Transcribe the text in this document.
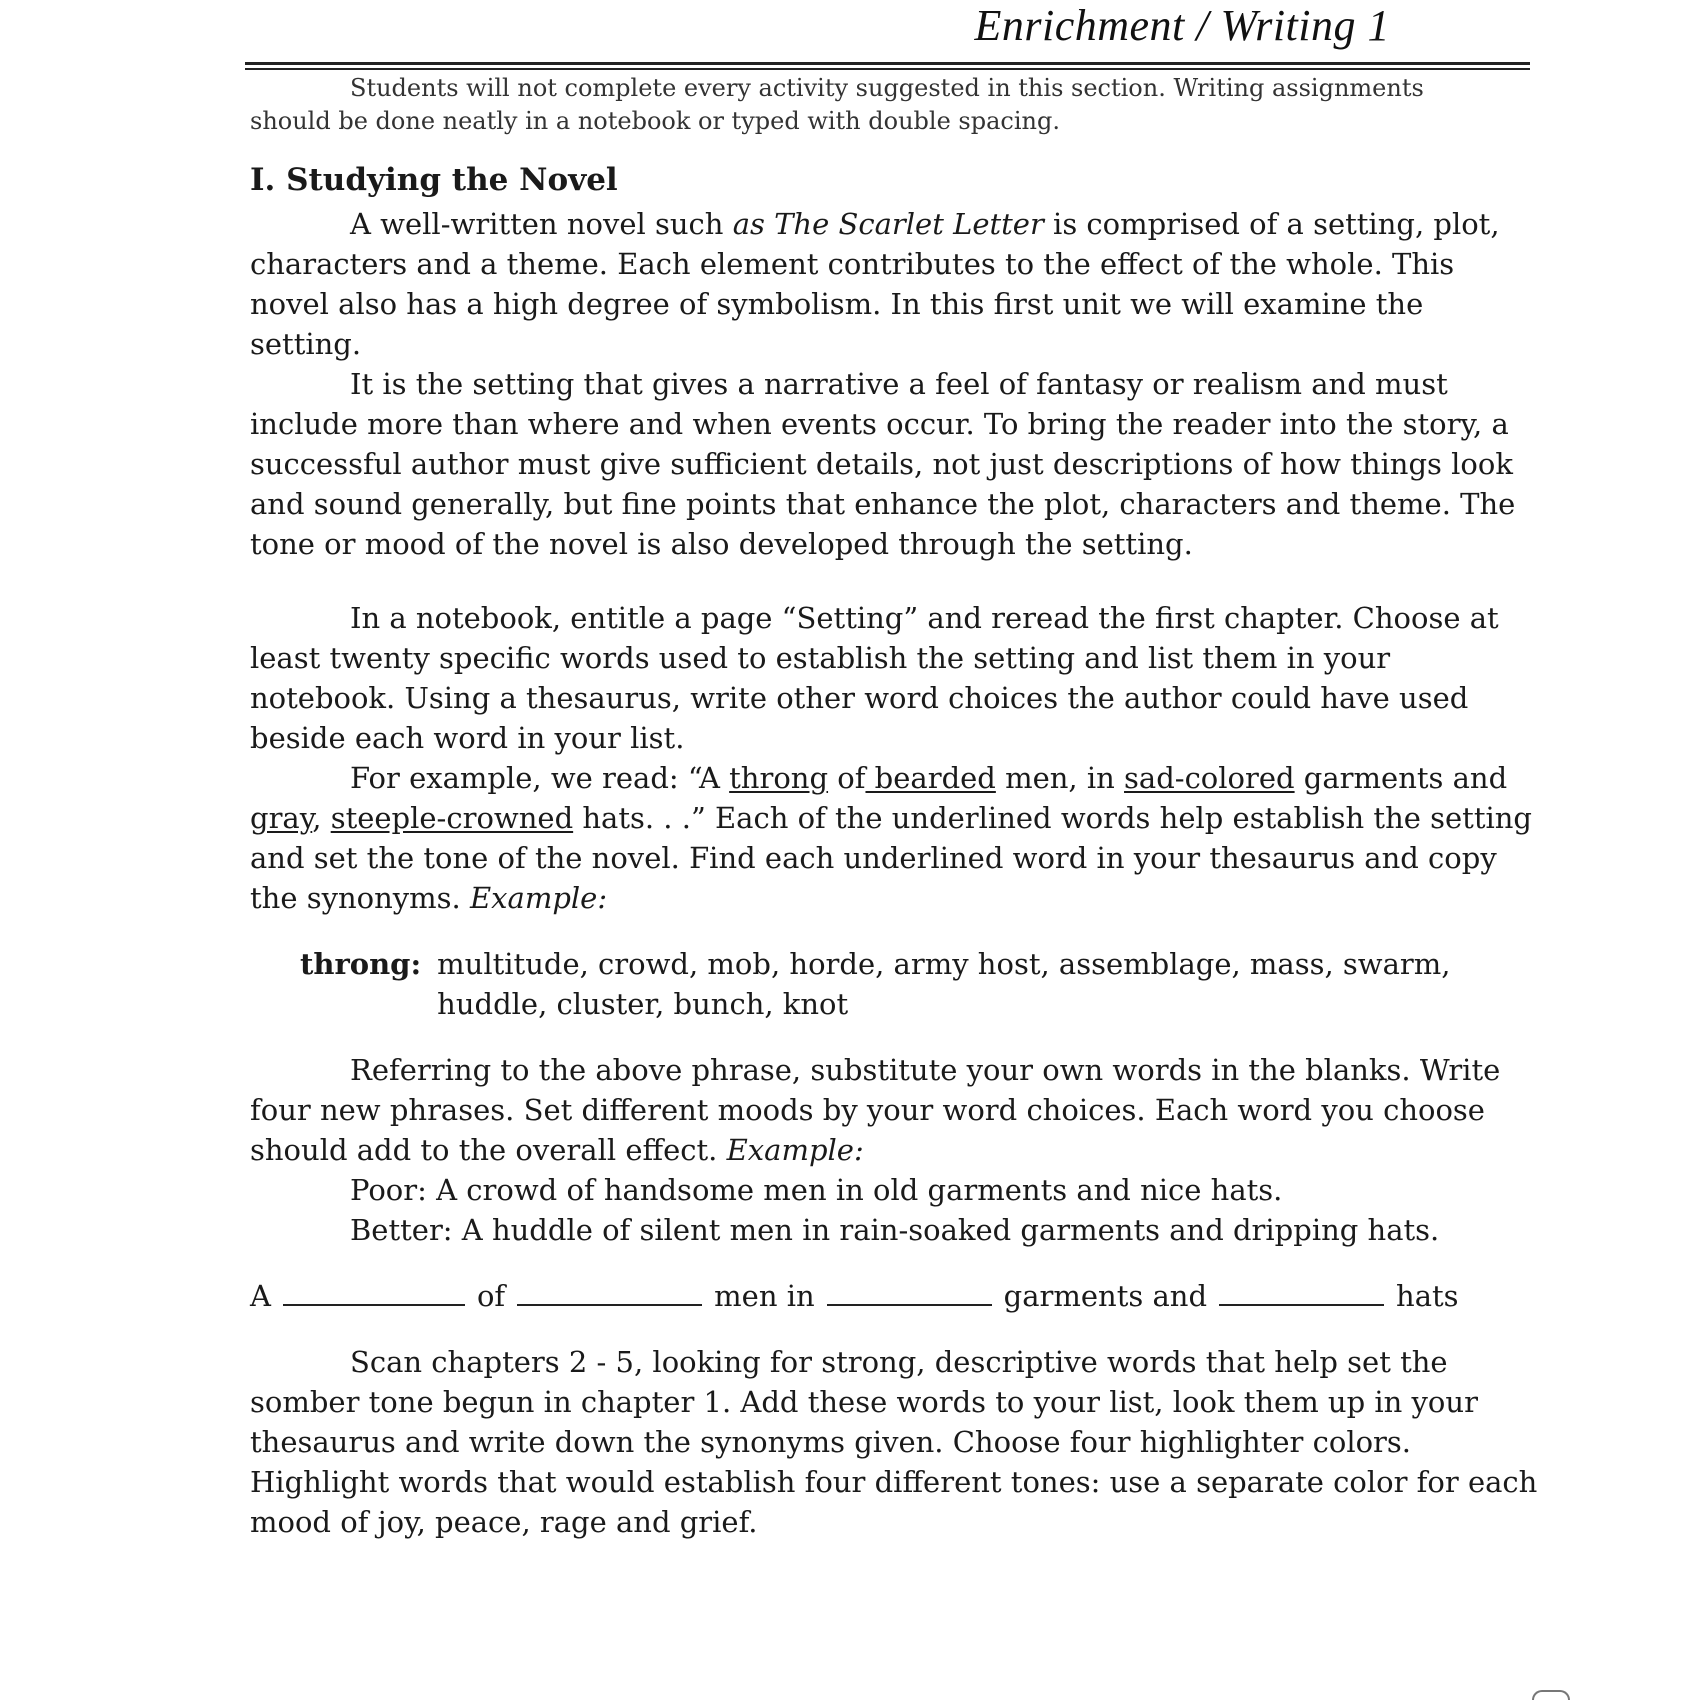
Enrichment / Writing 1

Students will not complete every activity suggested in this section. Writing assignments

should be done neatly in a notebook or typed with double spacing.

I. Studying the Novel

A well-written novel such as The Scarlet Letter is comprised of a setting, plot, characters and a theme. Each element contributes to the effect of the whole. This novel also has a high degree of symbolism. In this first unit we will examine the setting.

It is the setting that gives a narrative a feel of fantasy or realism and must include more than where and when events occur. To bring the reader into the story, a successful author must give sufficient details, not just descriptions of how things look and sound generally, but fine points that enhance the plot, characters and theme. The tone or mood of the novel is also developed through the setting.

In a notebook, entitle a page “Setting” and reread the first chapter. Choose at least twenty specific words used to establish the setting and list them in your notebook. Using a thesaurus, write other word choices the author could have used beside each word in your list.

For example, we read: “A throng of bearded men, in sad-colored garments and gray, steeple-crowned hats. . .” Each of the underlined words help establish the setting and set the tone of the novel. Find each underlined word in your thesaurus and copy the synonyms. Example:

throng: multitude, crowd, mob, horde, army host, assemblage, mass, swarm, huddle, cluster, bunch, knot

Referring to the above phrase, substitute your own words in the blanks. Write four new phrases. Set different moods by your word choices. Each word you choose should add to the overall effect. Example:

Poor: A crowd of handsome men in old garments and nice hats.

Better: A huddle of silent men in rain-soaked garments and dripping hats.

A	of	men in	garments and	hats

Scan chapters 2 - 5, looking for strong, descriptive words that help set the somber tone begun in chapter 1. Add these words to your list, look them up in your thesaurus and write down the synonyms given. Choose four highlighter colors. Highlight words that would establish four different tones: use a separate color for each mood of joy, peace, rage and grief.
